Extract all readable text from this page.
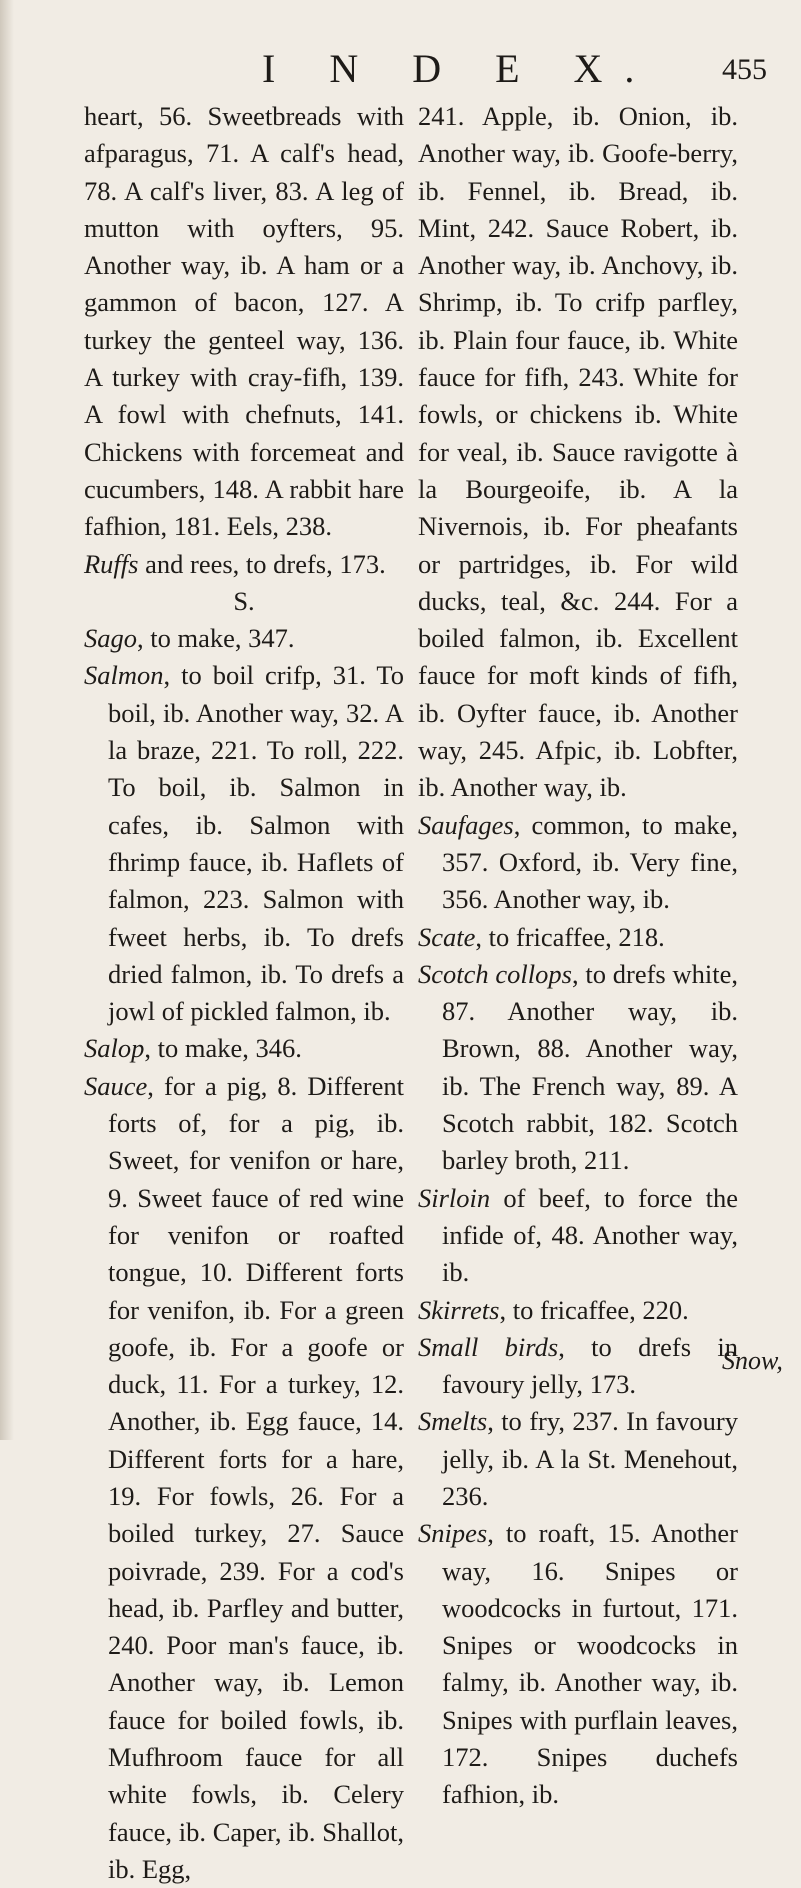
I N D E X. 455

heart, 56. Sweetbreads with afparagus, 71. A calf's head, 78. A calf's liver, 83. A leg of mutton with oyfters, 95. Another way, ib. A ham or a gammon of bacon, 127. A turkey the genteel way, 136. A turkey with cray-fifh, 139. A fowl with chefnuts, 141. Chickens with forcemeat and cucumbers, 148. A rabbit hare fafhion, 181. Eels, 238.

Ruffs and rees, to drefs, 173.

S.

Sago, to make, 347.

Salmon, to boil crifp, 31. To boil, ib. Another way, 32. A la braze, 221. To roll, 222. To boil, ib. Salmon in cafes, ib. Salmon with fhrimp fauce, ib. Haflets of falmon, 223. Salmon with fweet herbs, ib. To drefs dried falmon, ib. To drefs a jowl of pickled falmon, ib.

Salop, to make, 346.

Sauce, for a pig, 8. Different forts of, for a pig, ib. Sweet, for venifon or hare, 9. Sweet fauce of red wine for venifon or roafted tongue, 10. Different forts for venifon, ib. For a green goofe, ib. For a goofe or duck, 11. For a turkey, 12. Another, ib. Egg fauce, 14. Different forts for a hare, 19. For fowls, 26. For a boiled turkey, 27. Sauce poivrade, 239. For a cod's head, ib. Parfley and butter, 240. Poor man's fauce, ib. Another way, ib. Lemon fauce for boiled fowls, ib. Mufhroom fauce for all white fowls, ib. Celery fauce, ib. Caper, ib. Shallot, ib. Egg,

241. Apple, ib. Onion, ib. Another way, ib. Goofe-berry, ib. Fennel, ib. Bread, ib. Mint, 242. Sauce Robert, ib. Another way, ib. Anchovy, ib. Shrimp, ib. To crifp parfley, ib. Plain four fauce, ib. White fauce for fifh, 243. White for fowls, or chickens ib. White for veal, ib. Sauce ravigotte à la Bourgeoife, ib. A la Nivernois, ib. For pheafants or partridges, ib. For wild ducks, teal, &c. 244. For a boiled falmon, ib. Excellent fauce for moft kinds of fifh, ib. Oyfter fauce, ib. Another way, 245. Afpic, ib. Lobfter, ib. Another way, ib.

Saufages, common, to make, 357. Oxford, ib. Very fine, 356. Another way, ib.

Scate, to fricaffee, 218.

Scotch collops, to drefs white, 87. Another way, ib. Brown, 88. Another way, ib. The French way, 89. A Scotch rabbit, 182. Scotch barley broth, 211.

Sirloin of beef, to force the infide of, 48. Another way, ib.

Skirrets, to fricaffee, 220.

Small birds, to drefs in favoury jelly, 173.

Smelts, to fry, 237. In favoury jelly, ib. A la St. Menehout, 236.

Snipes, to roaft, 15. Another way, 16. Snipes or woodcocks in furtout, 171. Snipes or woodcocks in falmy, ib. Another way, ib. Snipes with purflain leaves, 172. Snipes duchefs fafhion, ib.

Snow,
